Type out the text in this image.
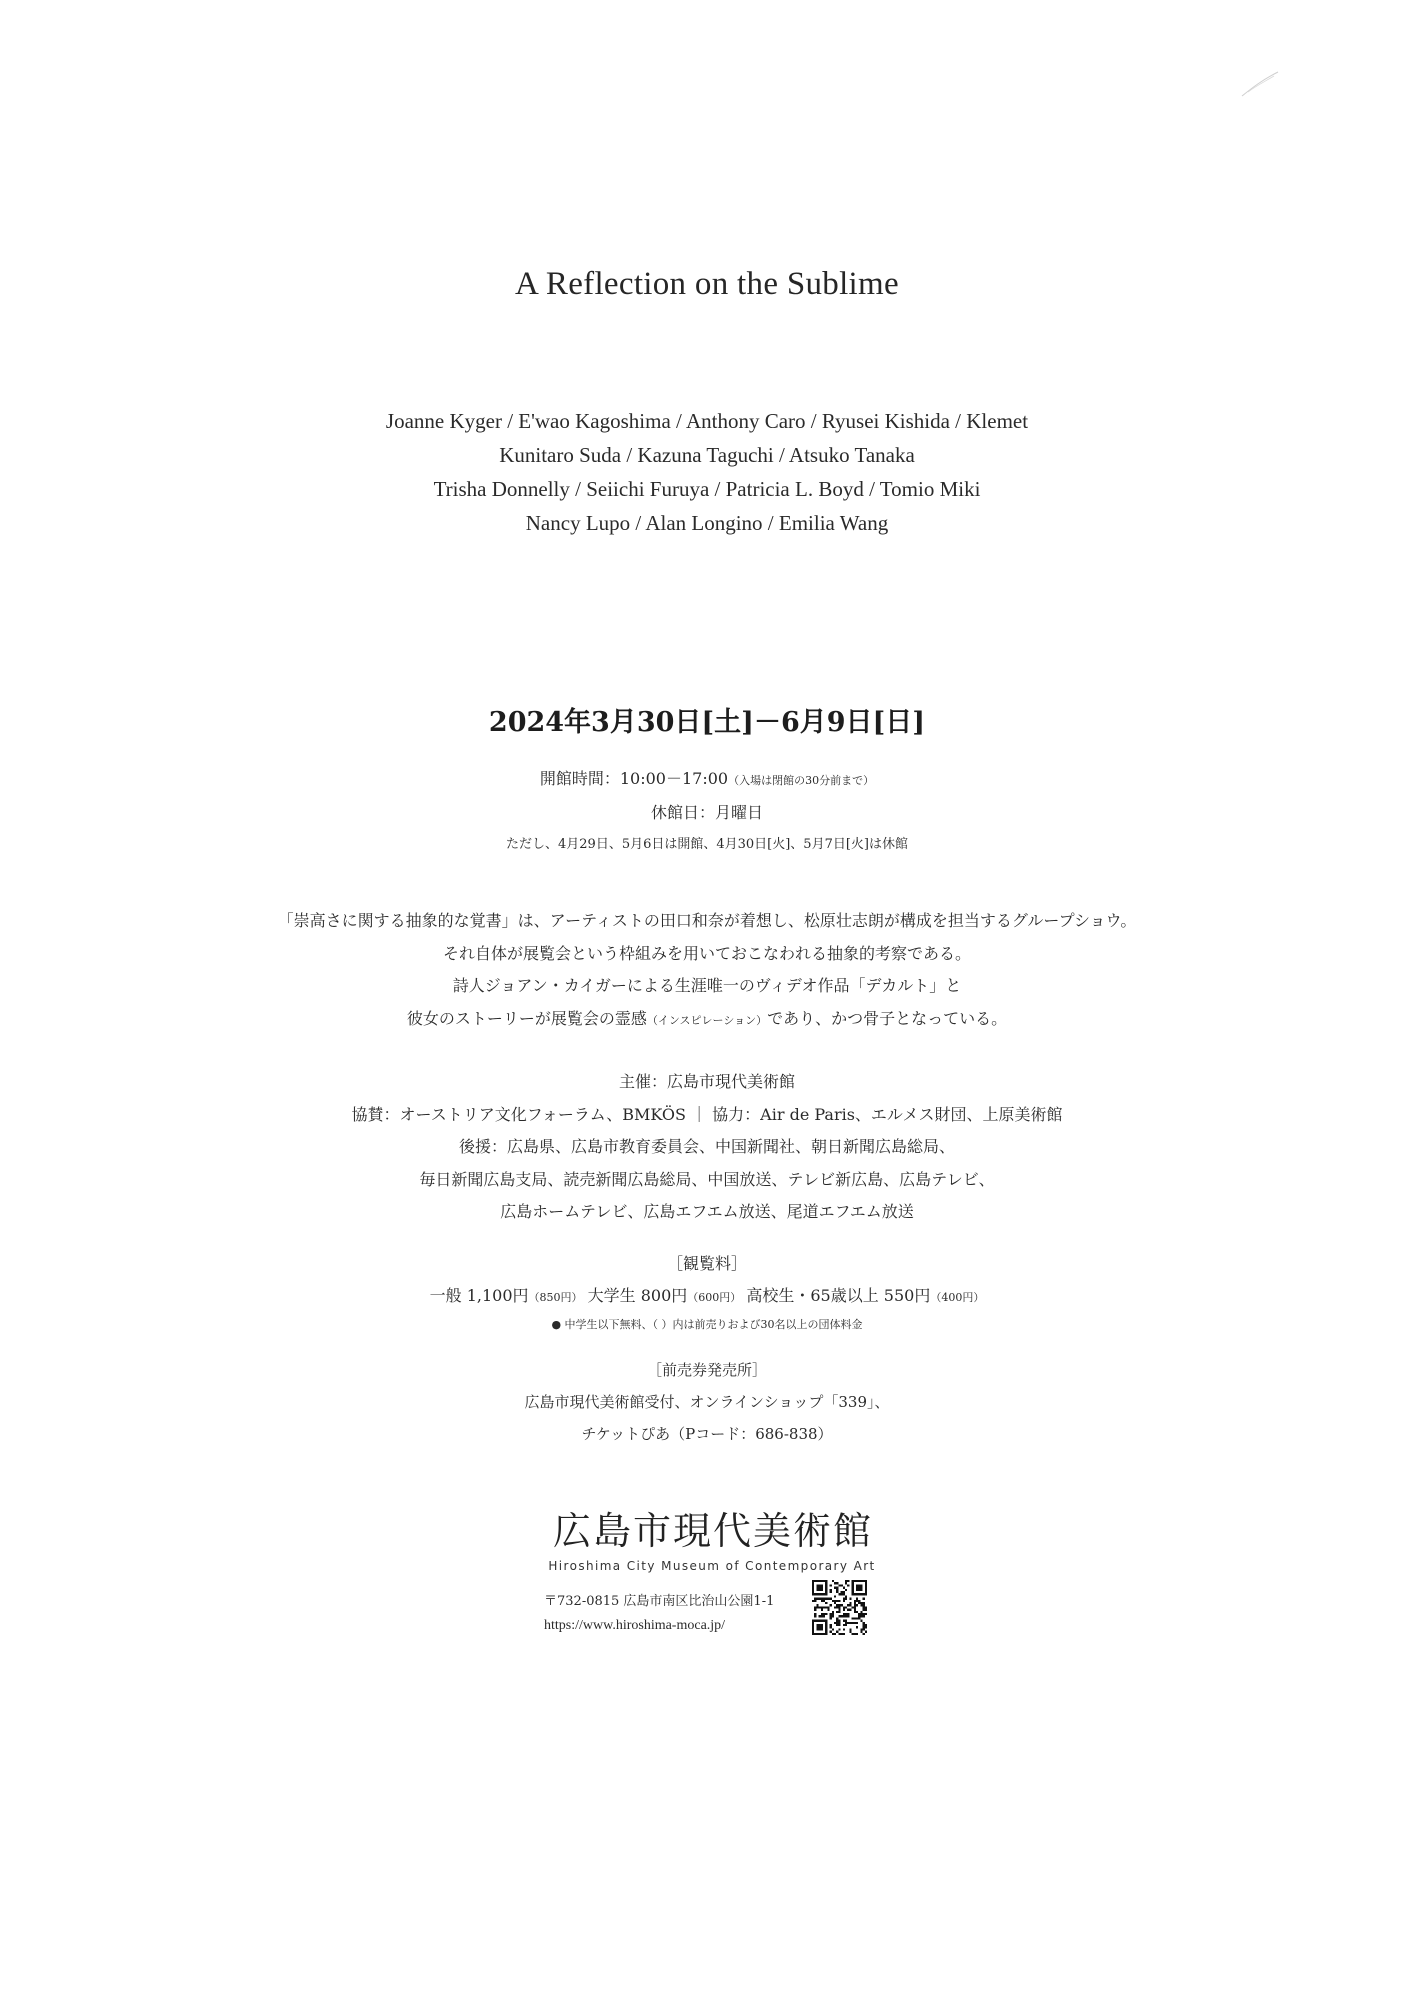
A Reflection on the Sublime
Joanne Kyger / E'wao Kagoshima / Anthony Caro / Ryusei Kishida / Klemet
Kunitaro Suda / Kazuna Taguchi / Atsuko Tanaka
Trisha Donnelly / Seiichi Furuya / Patricia L. Boyd / Tomio Miki
Nancy Lupo / Alan Longino / Emilia Wang
2024年3月30日[土]－6月9日[日]
開館時間：10:00－17:00（入場は閉館の30分前まで）
休館日：月曜日
ただし、4月29日、5月6日は開館、4月30日[火]、5月7日[火]は休館
「崇高さに関する抽象的な覚書」は、アーティストの田口和奈が着想し、松原壮志朗が構成を担当するグループショウ。
それ自体が展覧会という枠組みを用いておこなわれる抽象的考察である。
詩人ジョアン・カイガーによる生涯唯一のヴィデオ作品「デカルト」と
彼女のストーリーが展覧会の霊感（インスピレーション）であり、かつ骨子となっている。
主催：広島市現代美術館
協賛：オーストリア文化フォーラム、BMKÖS ｜ 協力：Air de Paris、エルメス財団、上原美術館
後援：広島県、広島市教育委員会、中国新聞社、朝日新聞広島総局、
毎日新聞広島支局、読売新聞広島総局、中国放送、テレビ新広島、広島テレビ、
広島ホームテレビ、広島エフエム放送、尾道エフエム放送
［観覧料］
一般 1,100円（850円） 大学生 800円（600円） 高校生・65歳以上 550円（400円）
● 中学生以下無料、（ ）内は前売りおよび30名以上の団体料金
［前売券発売所］
広島市現代美術館受付、オンラインショップ「339」、
チケットぴあ（Pコード：686-838）
広島市現代美術館
Hiroshima City Museum of Contemporary Art
〒732-0815 広島市南区比治山公園1-1
https://www.hiroshima-moca.jp/
